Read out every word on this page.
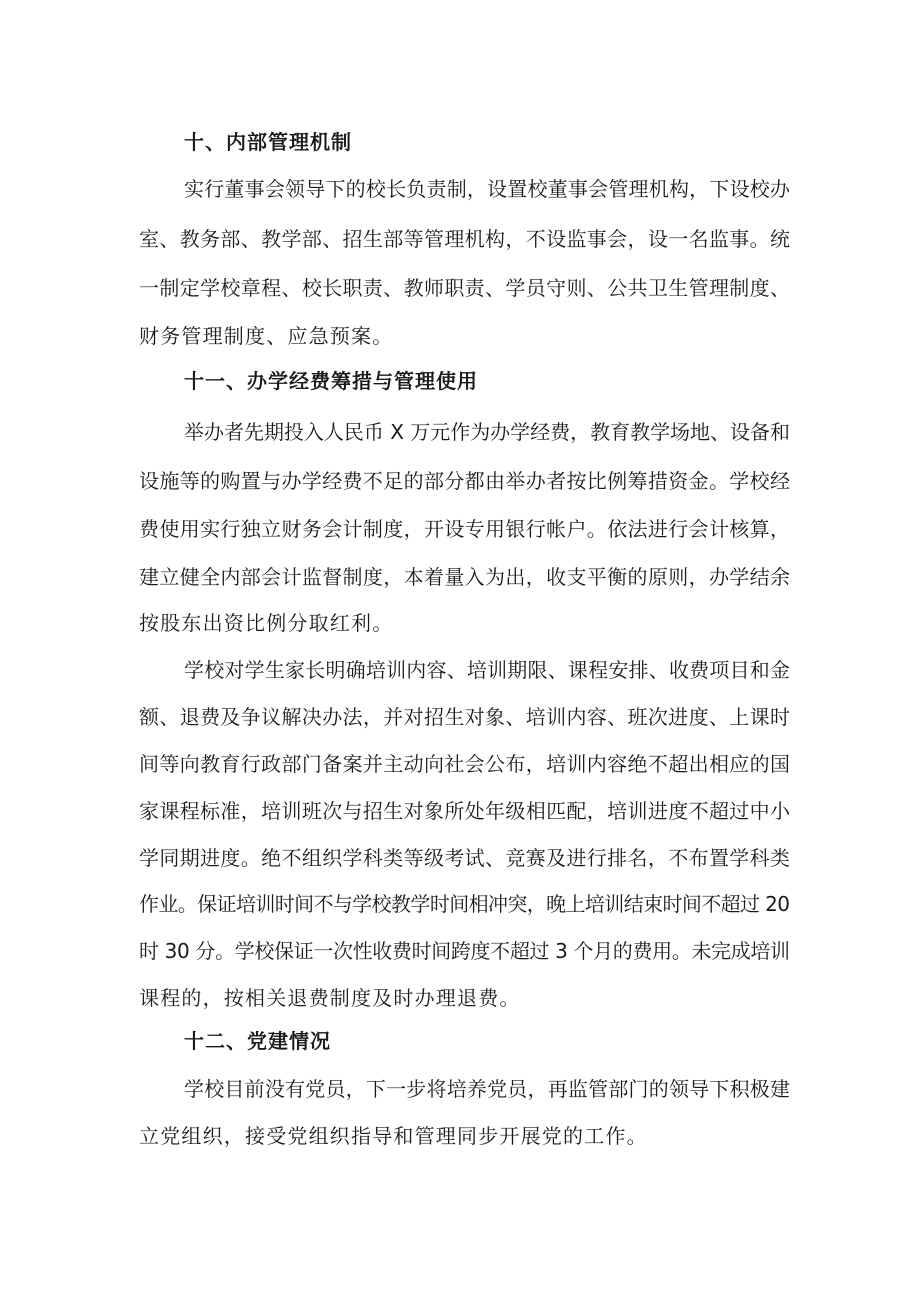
十、内部管理机制
实行董事会领导下的校长负责制，设置校董事会管理机构，下设校办
室、教务部、教学部、招生部等管理机构，不设监事会，设一名监事。统
一制定学校章程、校长职责、教师职责、学员守则、公共卫生管理制度、
财务管理制度、应急预案。
十一、办学经费筹措与管理使用
举办者先期投入人民币 X 万元作为办学经费，教育教学场地、设备和
设施等的购置与办学经费不足的部分都由举办者按比例筹措资金。学校经
费使用实行独立财务会计制度，开设专用银行帐户。依法进行会计核算，
建立健全内部会计监督制度，本着量入为出，收支平衡的原则，办学结余
按股东出资比例分取红利。
学校对学生家长明确培训内容、培训期限、课程安排、收费项目和金
额、退费及争议解决办法，并对招生对象、培训内容、班次进度、上课时
间等向教育行政部门备案并主动向社会公布，培训内容绝不超出相应的国
家课程标准，培训班次与招生对象所处年级相匹配，培训进度不超过中小
学同期进度。绝不组织学科类等级考试、竞赛及进行排名，不布置学科类
作业。保证培训时间不与学校教学时间相冲突，晚上培训结束时间不超过 20
时 30 分。学校保证一次性收费时间跨度不超过 3 个月的费用。未完成培训
课程的，按相关退费制度及时办理退费。
十二、党建情况
学校目前没有党员，下一步将培养党员，再监管部门的领导下积极建
立党组织，接受党组织指导和管理同步开展党的工作。
